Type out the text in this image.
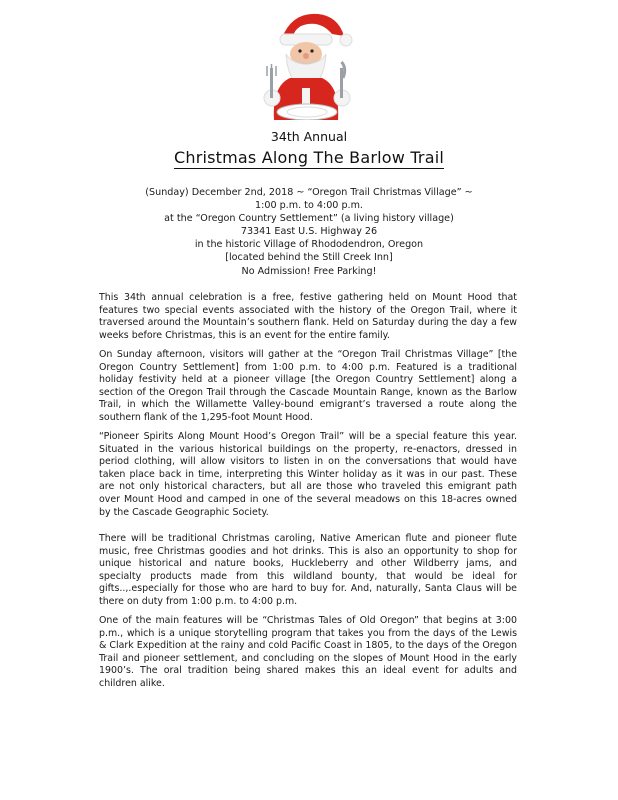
34th Annual
Christmas Along The Barlow Trail
(Sunday) December 2nd, 2018 ~ “Oregon Trail Christmas Village” ~
1:00 p.m. to 4:00 p.m.
at the “Oregon Country Settlement” (a living history village)
73341 East U.S. Highway 26
in the historic Village of Rhododendron, Oregon
[located behind the Still Creek Inn]
No Admission! Free Parking!

This 34th annual celebration is a free, festive gathering held on Mount Hood that features two special events associated with the history of the Oregon Trail, where it traversed around the Mountain’s southern flank. Held on Saturday during the day a few weeks before Christmas, this is an event for the entire family.

On Sunday afternoon, visitors will gather at the “Oregon Trail Christmas Village” [the Oregon Country Settlement] from 1:00 p.m. to 4:00 p.m. Featured is a traditional holiday festivity held at a pioneer village [the Oregon Country Settlement] along a section of the Oregon Trail through the Cascade Mountain Range, known as the Barlow Trail, in which the Willamette Valley-bound emigrant’s traversed a route along the southern flank of the 1,295-foot Mount Hood.

“Pioneer Spirits Along Mount Hood’s Oregon Trail” will be a special feature this year. Situated in the various historical buildings on the property, re-enactors, dressed in period clothing, will allow visitors to listen in on the conversations that would have taken place back in time, interpreting this Winter holiday as it was in our past. These are not only historical characters, but all are those who traveled this emigrant path over Mount Hood and camped in one of the several meadows on this 18-acres owned by the Cascade Geographic Society.

There will be traditional Christmas caroling, Native American flute and pioneer flute music, free Christmas goodies and hot drinks. This is also an opportunity to shop for unique historical and nature books, Huckleberry and other Wildberry jams, and specialty products made from this wildland bounty, that would be ideal for gifts..,.especially for those who are hard to buy for. And, naturally, Santa Claus will be there on duty from 1:00 p.m. to 4:00 p.m.

One of the main features will be “Christmas Tales of Old Oregon” that begins at 3:00 p.m., which is a unique storytelling program that takes you from the days of the Lewis & Clark Expedition at the rainy and cold Pacific Coast in 1805, to the days of the Oregon Trail and pioneer settlement, and concluding on the slopes of Mount Hood in the early 1900’s. The oral tradition being shared makes this an ideal event for adults and children alike.
